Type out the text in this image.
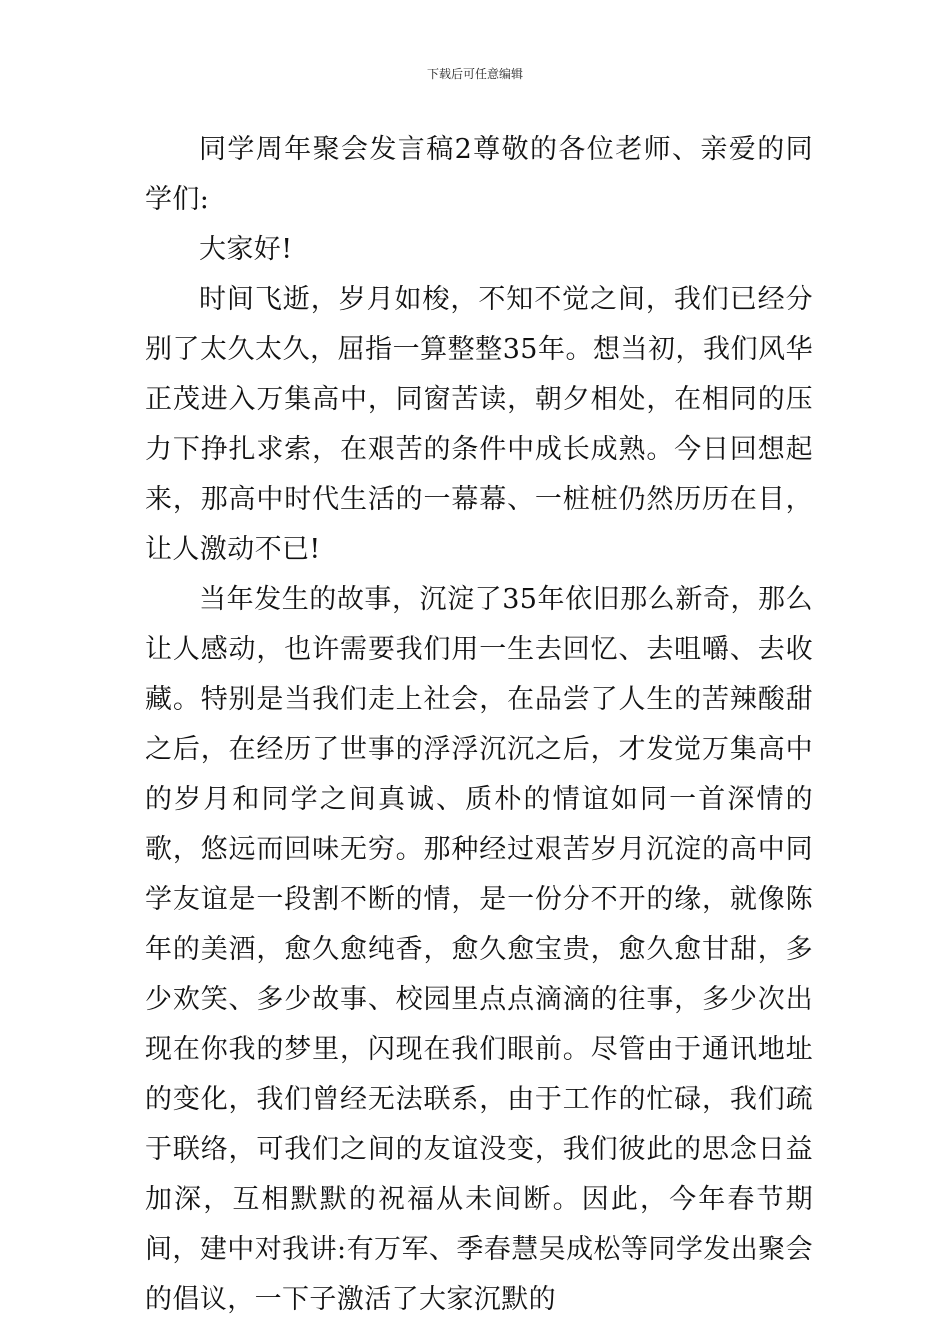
下载后可任意编辑

同学周年聚会发言稿2尊敬的各位老师、亲爱的同学们:

大家好!

时间飞逝，岁月如梭，不知不觉之间，我们已经分别了太久太久，屈指一算整整35年。想当初，我们风华正茂进入万集高中，同窗苦读，朝夕相处，在相同的压力下挣扎求索，在艰苦的条件中成长成熟。今日回想起来，那高中时代生活的一幕幕、一桩桩仍然历历在目，让人激动不已!

当年发生的故事，沉淀了35年依旧那么新奇，那么让人感动，也许需要我们用一生去回忆、去咀嚼、去收藏。特别是当我们走上社会，在品尝了人生的苦辣酸甜之后，在经历了世事的浮浮沉沉之后，才发觉万集高中的岁月和同学之间真诚、质朴的情谊如同一首深情的歌，悠远而回味无穷。那种经过艰苦岁月沉淀的高中同学友谊是一段割不断的情，是一份分不开的缘，就像陈年的美酒，愈久愈纯香，愈久愈宝贵，愈久愈甘甜，多少欢笑、多少故事、校园里点点滴滴的往事，多少次出现在你我的梦里，闪现在我们眼前。尽管由于通讯地址的变化，我们曾经无法联系，由于工作的忙碌，我们疏于联络，可我们之间的友谊没变，我们彼此的思念日益加深，互相默默的祝福从未间断。因此，今年春节期间，建中对我讲:有万军、季春慧吴成松等同学发出聚会的倡议，一下子激活了大家沉默的
